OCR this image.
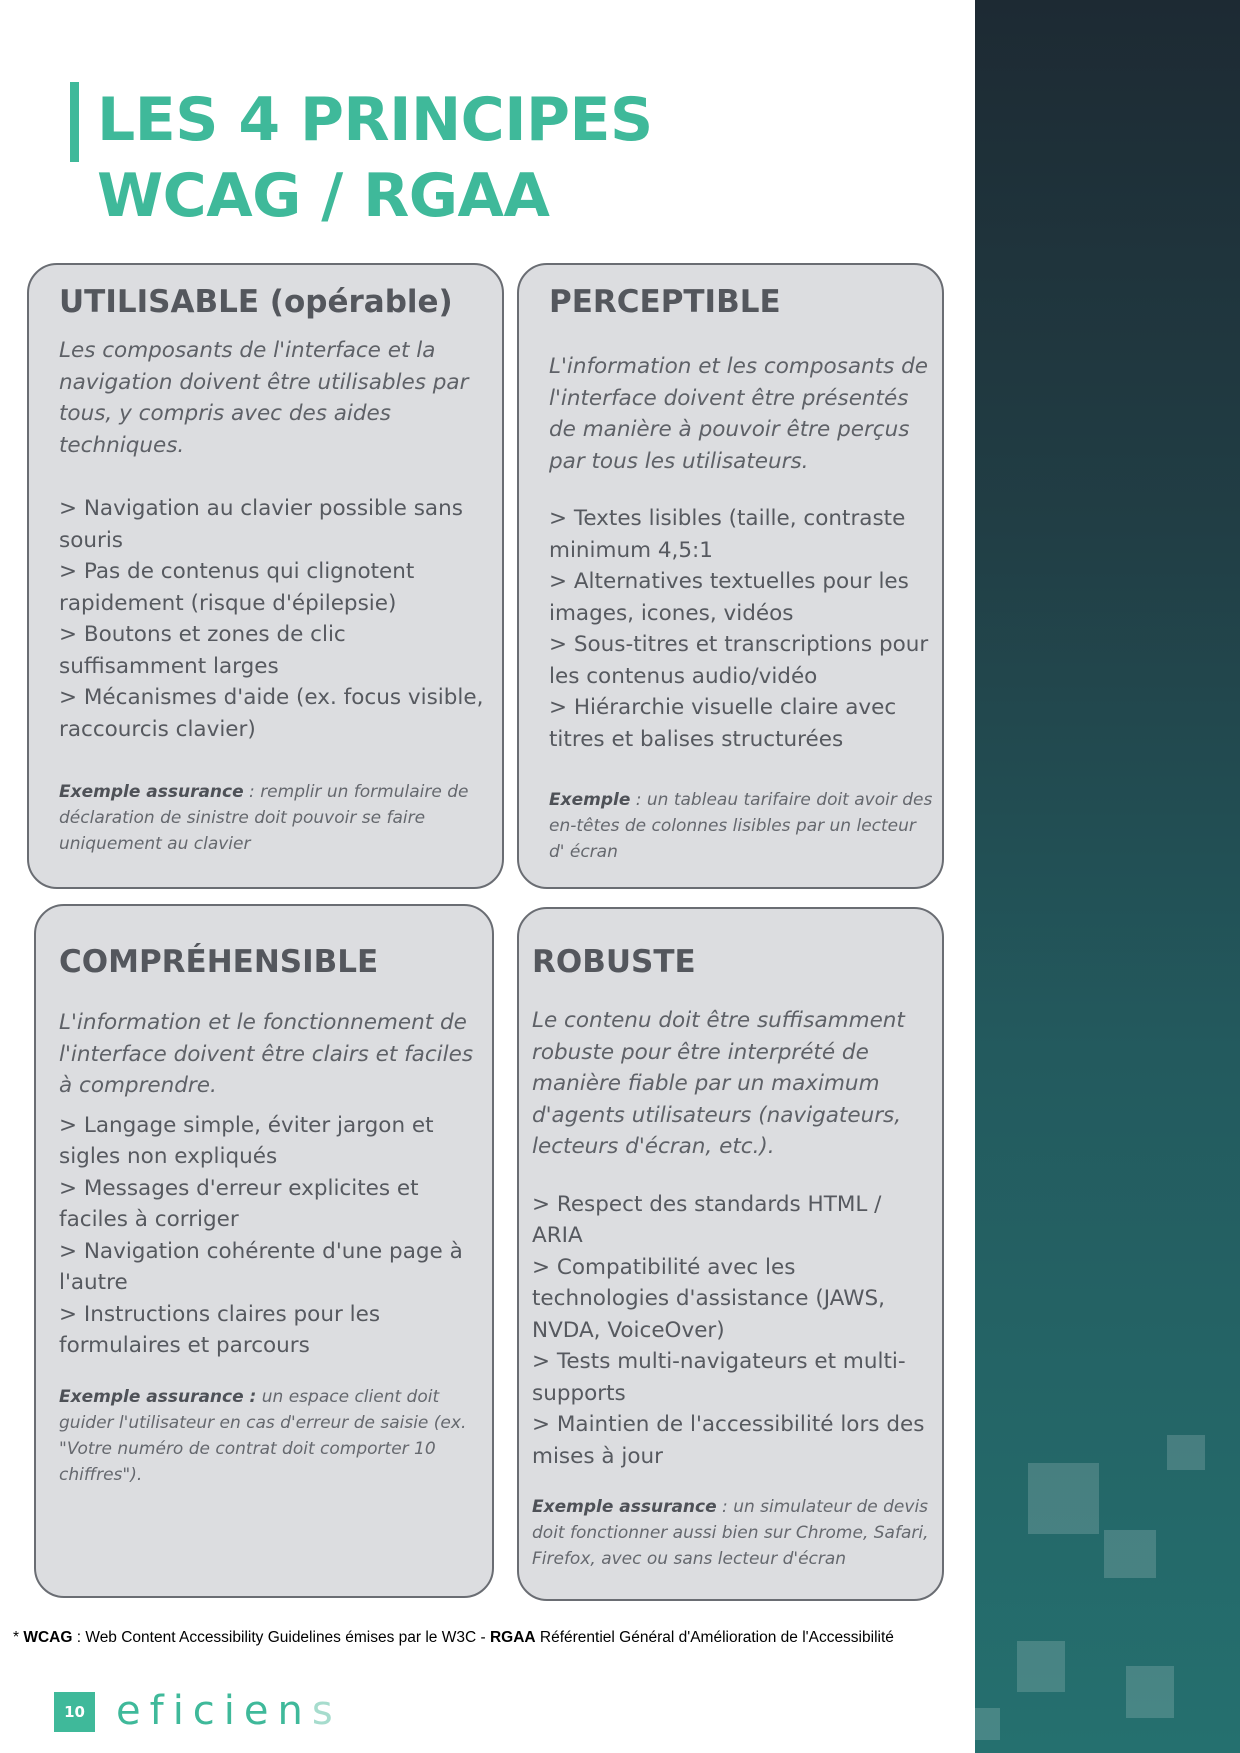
LES 4 PRINCIPES
WCAG / RGAA
UTILISABLE (opérable)

Les composants de l'interface et la navigation doivent être utilisables par tous, y compris avec des aides techniques.

> Navigation au clavier possible sans souris
> Pas de contenus qui clignotent rapidement (risque d'épilepsie)
> Boutons et zones de clic suffisamment larges
> Mécanismes d'aide (ex. focus visible, raccourcis clavier)

Exemple assurance : remplir un formulaire de déclaration de sinistre doit pouvoir se faire uniquement au clavier

PERCEPTIBLE

L'information et les composants de l'interface doivent être présentés de manière à pouvoir être perçus par tous les utilisateurs.

> Textes lisibles (taille, contraste minimum 4,5:1
> Alternatives textuelles pour les images, icones, vidéos
> Sous-titres et transcriptions pour les contenus audio/vidéo
> Hiérarchie visuelle claire avec titres et balises structurées

Exemple : un tableau tarifaire doit avoir des en-têtes de colonnes lisibles par un lecteur d' écran

COMPRÉHENSIBLE

L'information et le fonctionnement de l'interface doivent être clairs et faciles à comprendre.

> Langage simple, éviter jargon et sigles non expliqués
> Messages d'erreur explicites et faciles à corriger
> Navigation cohérente d'une page à l'autre
> Instructions claires pour les formulaires et parcours

Exemple assurance : un espace client doit guider l'utilisateur en cas d'erreur de saisie (ex. "Votre numéro de contrat doit comporter 10 chiffres").

ROBUSTE

Le contenu doit être suffisamment robuste pour être interprété de manière fiable par un maximum d'agents utilisateurs (navigateurs, lecteurs d'écran, etc.).

> Respect des standards HTML / ARIA
> Compatibilité avec les technologies d'assistance (JAWS, NVDA, VoiceOver)
> Tests multi-navigateurs et multi-supports
> Maintien de l'accessibilité lors des mises à jour

Exemple assurance : un simulateur de devis doit fonctionner aussi bien sur Chrome, Safari, Firefox, avec ou sans lecteur d'écran

* WCAG : Web Content Accessibility Guidelines émises par le W3C - RGAA Référentiel Général d'Amélioration de l'Accessibilité

10 eficiens
